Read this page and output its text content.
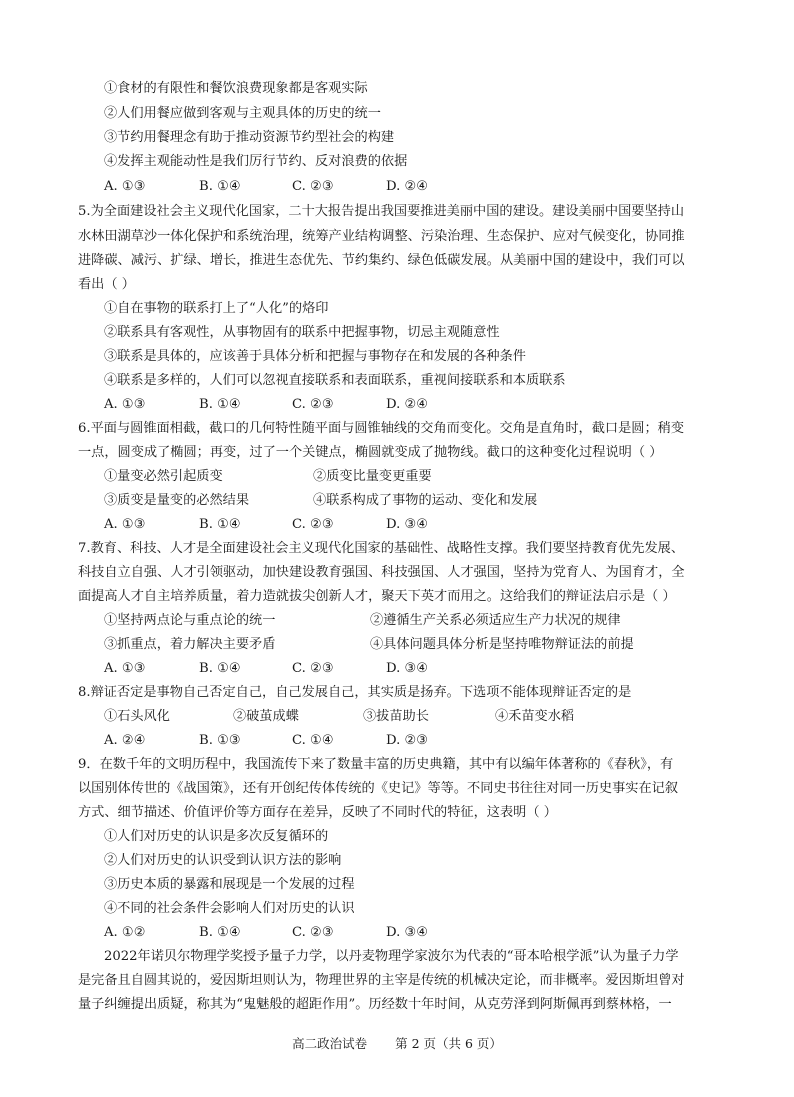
①食材的有限性和餐饮浪费现象都是客观实际
②人们用餐应做到客观与主观具体的历史的统一
③节约用餐理念有助于推动资源节约型社会的构建
④发挥主观能动性是我们厉行节约、反对浪费的依据
A. ①③	B. ①④	C. ②③	D. ②④
5.为全面建设社会主义现代化国家，二十大报告提出我国要推进美丽中国的建设。建设美丽中国要坚持山
水林田湖草沙一体化保护和系统治理，统筹产业结构调整、污染治理、生态保护、应对气候变化，协同推
进降碳、减污、扩绿、增长，推进生态优先、节约集约、绿色低碳发展。从美丽中国的建设中，我们可以
看出（ ）
①自在事物的联系打上了“人化”的烙印
②联系具有客观性，从事物固有的联系中把握事物，切忌主观随意性
③联系是具体的，应该善于具体分析和把握与事物存在和发展的各种条件
④联系是多样的，人们可以忽视直接联系和表面联系，重视间接联系和本质联系
A. ①③	B. ①④	C. ②③	D. ②④
6.平面与圆锥面相截，截口的几何特性随平面与圆锥轴线的交角而变化。交角是直角时，截口是圆；稍变
一点，圆变成了椭圆；再变，过了一个关键点，椭圆就变成了抛物线。截口的这种变化过程说明（ ）
①量变必然引起质变	②质变比量变更重要
③质变是量变的必然结果	④联系构成了事物的运动、变化和发展
A. ①③	B. ①④	C. ②③	D. ③④
7.教育、科技、人才是全面建设社会主义现代化国家的基础性、战略性支撑。我们要坚持教育优先发展、
科技自立自强、人才引领驱动，加快建设教育强国、科技强国、人才强国，坚持为党育人、为国育才，全
面提高人才自主培养质量，着力造就拔尖创新人才，聚天下英才而用之。这给我们的辩证法启示是（ ）
①坚持两点论与重点论的统一	②遵循生产关系必须适应生产力状况的规律
③抓重点，着力解决主要矛盾	④具体问题具体分析是坚持唯物辩证法的前提
A. ①③	B. ①④	C. ②③	D. ③④
8.辩证否定是事物自己否定自己，自己发展自己，其实质是扬弃。下选项不能体现辩证否定的是
①石头风化	②破茧成蝶	③拔苗助长	④禾苗变水稻
A. ②④	B. ①③	C. ①④	D. ②③
9．在数千年的文明历程中，我国流传下来了数量丰富的历史典籍，其中有以编年体著称的《春秋》，有
以国别体传世的《战国策》，还有开创纪传体传统的《史记》等等。不同史书往往对同一历史事实在记叙
方式、细节描述、价值评价等方面存在差异，反映了不同时代的特征，这表明（ ）
①人们对历史的认识是多次反复循环的
②人们对历史的认识受到认识方法的影响
③历史本质的暴露和展现是一个发展的过程
④不同的社会条件会影响人们对历史的认识
A. ①②	B. ①④	C. ②③	D. ③④
2022年诺贝尔物理学奖授予量子力学，以丹麦物理学家波尔为代表的“哥本哈根学派”认为量子力学
是完备且自圆其说的，爱因斯坦则认为，物理世界的主宰是传统的机械决定论，而非概率。爱因斯坦曾对
量子纠缠提出质疑，称其为“鬼魅般的超距作用”。历经数十年时间，从克劳泽到阿斯佩再到蔡林格，一
高二政治试卷 第 2 页（共 6 页）
